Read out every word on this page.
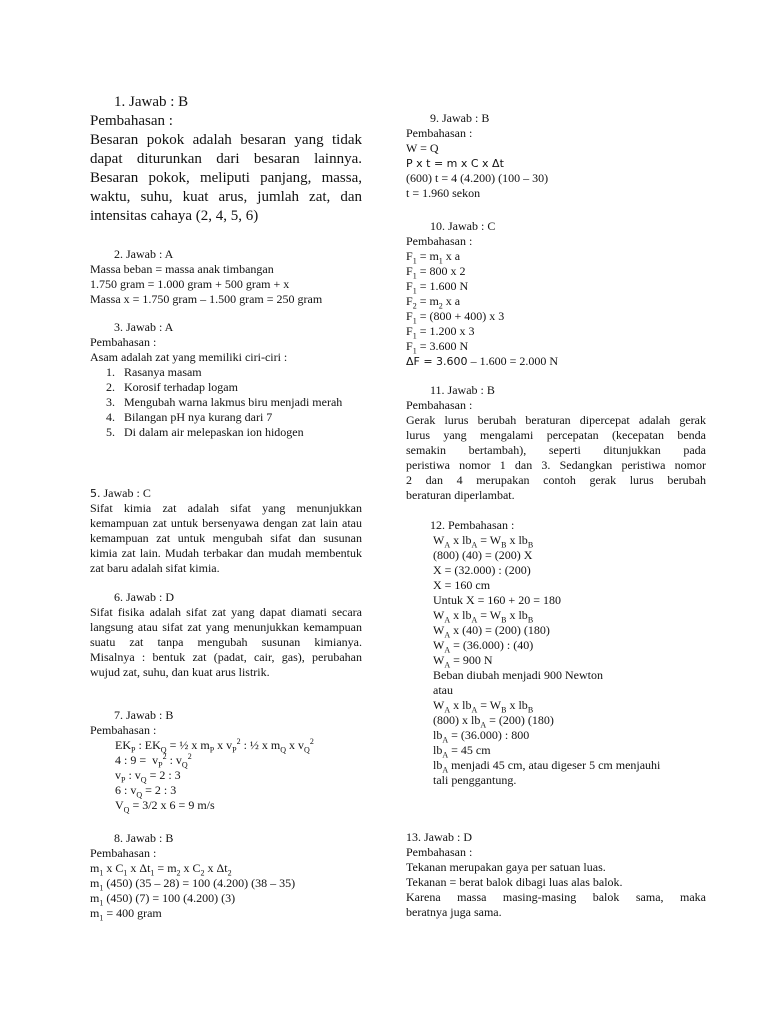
1. Jawab : B
Pembahasan :
Besaran pokok adalah besaran yang tidak
dapat diturunkan dari besaran lainnya.
Besaran pokok, meliputi panjang, massa,
waktu, suhu, kuat arus, jumlah zat, dan
intensitas cahaya (2, 4, 5, 6)
2. Jawab : A
Massa beban = massa anak timbangan
1.750 gram = 1.000 gram + 500 gram + x
Massa x = 1.750 gram – 1.500 gram = 250 gram
3. Jawab : A
Pembahasan :
Asam adalah zat yang memiliki ciri-ciri :
1. Rasanya masam
2. Korosif terhadap logam
3. Mengubah warna lakmus biru menjadi merah
4. Bilangan pH nya kurang dari 7
5. Di dalam air melepaskan ion hidogen
5. Jawab : C
Sifat kimia zat adalah sifat yang menunjukkan
kemampuan zat untuk bersenyawa dengan zat lain atau
kemampuan zat untuk mengubah sifat dan susunan
kimia zat lain. Mudah terbakar dan mudah membentuk
zat baru adalah sifat kimia.
6. Jawab : D
Sifat fisika adalah sifat zat yang dapat diamati secara
langsung atau sifat zat yang menunjukkan kemampuan
suatu zat tanpa mengubah susunan kimianya.
Misalnya : bentuk zat (padat, cair, gas), perubahan
wujud zat, suhu, dan kuat arus listrik.
7. Jawab : B
Pembahasan :
$EK_P$ : $EK_Q$ = ½ x $m_P$ x $v_P^2$ : ½ x $m_Q$ x $v_Q^2$
4 : $9 = v_P^2$ : $v_Q^2$
$v_P$ : $v_Q = 2$ : 3
6 : $v_Q = 2$ : 3
$V_Q = 3/2$ x 6 = 9 m/s
8. Jawab : B
Pembahasan :
$m_1$ x $C_1$ x $\Delta t_1 = m_2$ x $C_2$ x $\Delta t_2$
$m_1$ (450) (35 – 28) = 100 (4.200) (38 – 35)
$m_1$ (450) (7) = 100 (4.200) (3)
$m_1 = 400$ gram
9. Jawab : B
Pembahasan :
W = Q
P x t = m x C x Δt
(600) t = 4 (4.200) (100 – 30)
t = 1.960 sekon
10. Jawab : C
Pembahasan :
$F_1 = m_1$ x a
$F_1 = 800$ x 2
$F_1 = 1.600$ N
$F_2 = m_2$ x a
$F_1 = (800 + 400)$ x 3
$F_1 = 1.200$ x 3
$F_1 = 3.600$ N
ΔF = 3.600 – 1.600 = 2.000 N
11. Jawab : B
Pembahasan :
Gerak lurus berubah beraturan dipercepat adalah gerak
lurus yang mengalami percepatan (kecepatan benda
semakin bertambah), seperti ditunjukkan pada
peristiwa nomor 1 dan 3. Sedangkan peristiwa nomor
2 dan 4 merupakan contoh gerak lurus berubah
beraturan diperlambat.
12. Pembahasan :
$W_A$ x $lb_A = W_B$ x $lb_B$
(800) (40) = (200) X
X = (32.000) : (200)
X = 160 cm
Untuk X = 160 + 20 = 180
$W_A$ x $lb_A = W_B$ x $lb_B$
$W_A$ x (40) = (200) (180)
$W_A = (36.000)$ : (40)
$W_A = 900$ N
Beban diubah menjadi 900 Newton
atau
$W_A$ x $lb_A = W_B$ x $lb_B$
(800) x $lb_A = (200)$ (180)
$lb_A = (36.000)$ : 800
$lb_A = 45$ cm
$lb_A$ menjadi 45 cm, atau digeser 5 cm menjauhi
tali penggantung.
13. Jawab : D
Pembahasan :
Tekanan merupakan gaya per satuan luas.
Tekanan = berat balok dibagi luas alas balok.
Karena massa masing-masing balok sama, maka
beratnya juga sama.
